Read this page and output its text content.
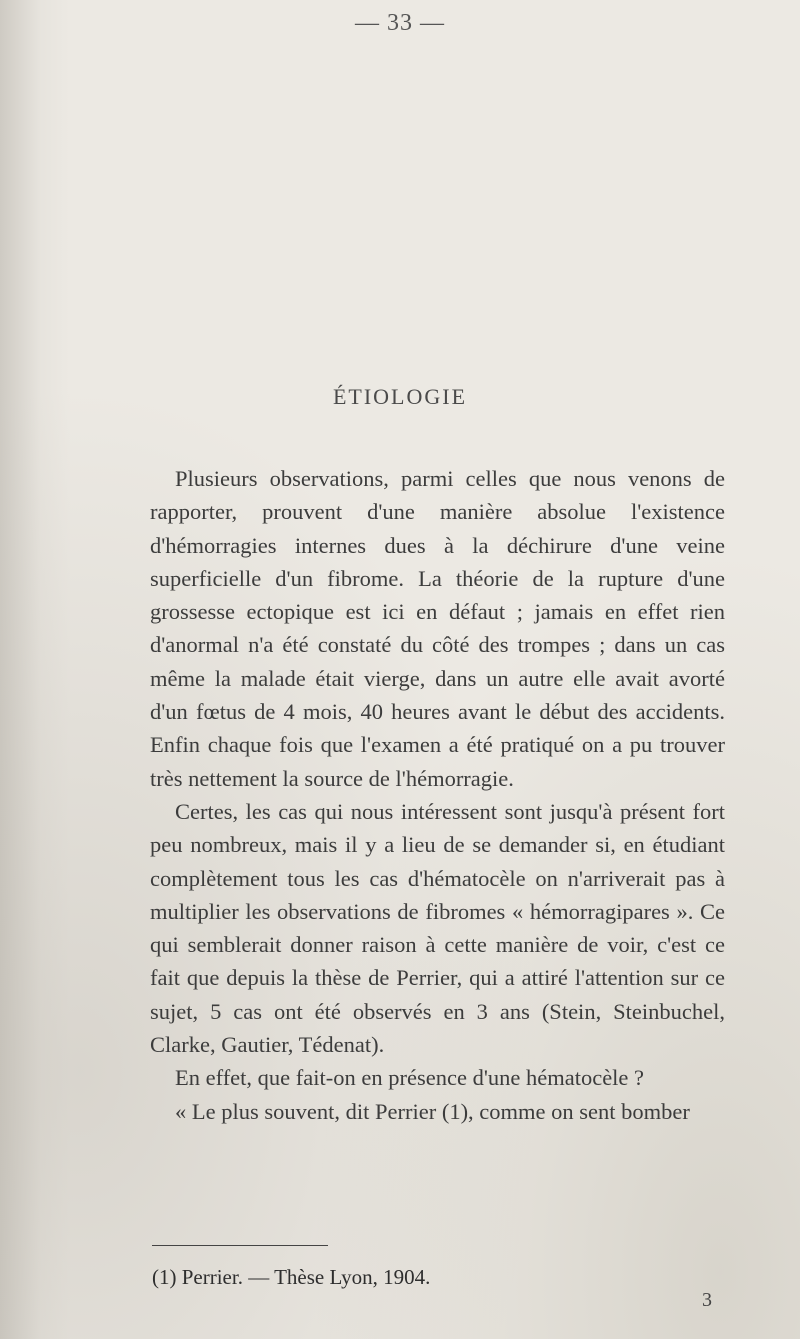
— 33 —
ÉTIOLOGIE

Plusieurs observations, parmi celles que nous venons de rapporter, prouvent d'une manière absolue l'existence d'hémorragies internes dues à la déchirure d'une veine superficielle d'un fibrome. La théorie de la rupture d'une grossesse ectopique est ici en défaut ; jamais en effet rien d'anormal n'a été constaté du côté des trompes ; dans un cas même la malade était vierge, dans un autre elle avait avorté d'un fœtus de 4 mois, 40 heures avant le début des accidents. Enfin chaque fois que l'examen a été pratiqué on a pu trouver très nettement la source de l'hémorragie.

Certes, les cas qui nous intéressent sont jusqu'à présent fort peu nombreux, mais il y a lieu de se demander si, en étudiant complètement tous les cas d'hématocèle on n'arriverait pas à multiplier les observations de fibromes « hémorragipares ». Ce qui semblerait donner raison à cette manière de voir, c'est ce fait que depuis la thèse de Perrier, qui a attiré l'attention sur ce sujet, 5 cas ont été observés en 3 ans (Stein, Steinbuchel, Clarke, Gautier, Tédenat).

En effet, que fait-on en présence d'une hématocèle ?

« Le plus souvent, dit Perrier (1), comme on sent bomber

(1) Perrier. — Thèse Lyon, 1904.
3
